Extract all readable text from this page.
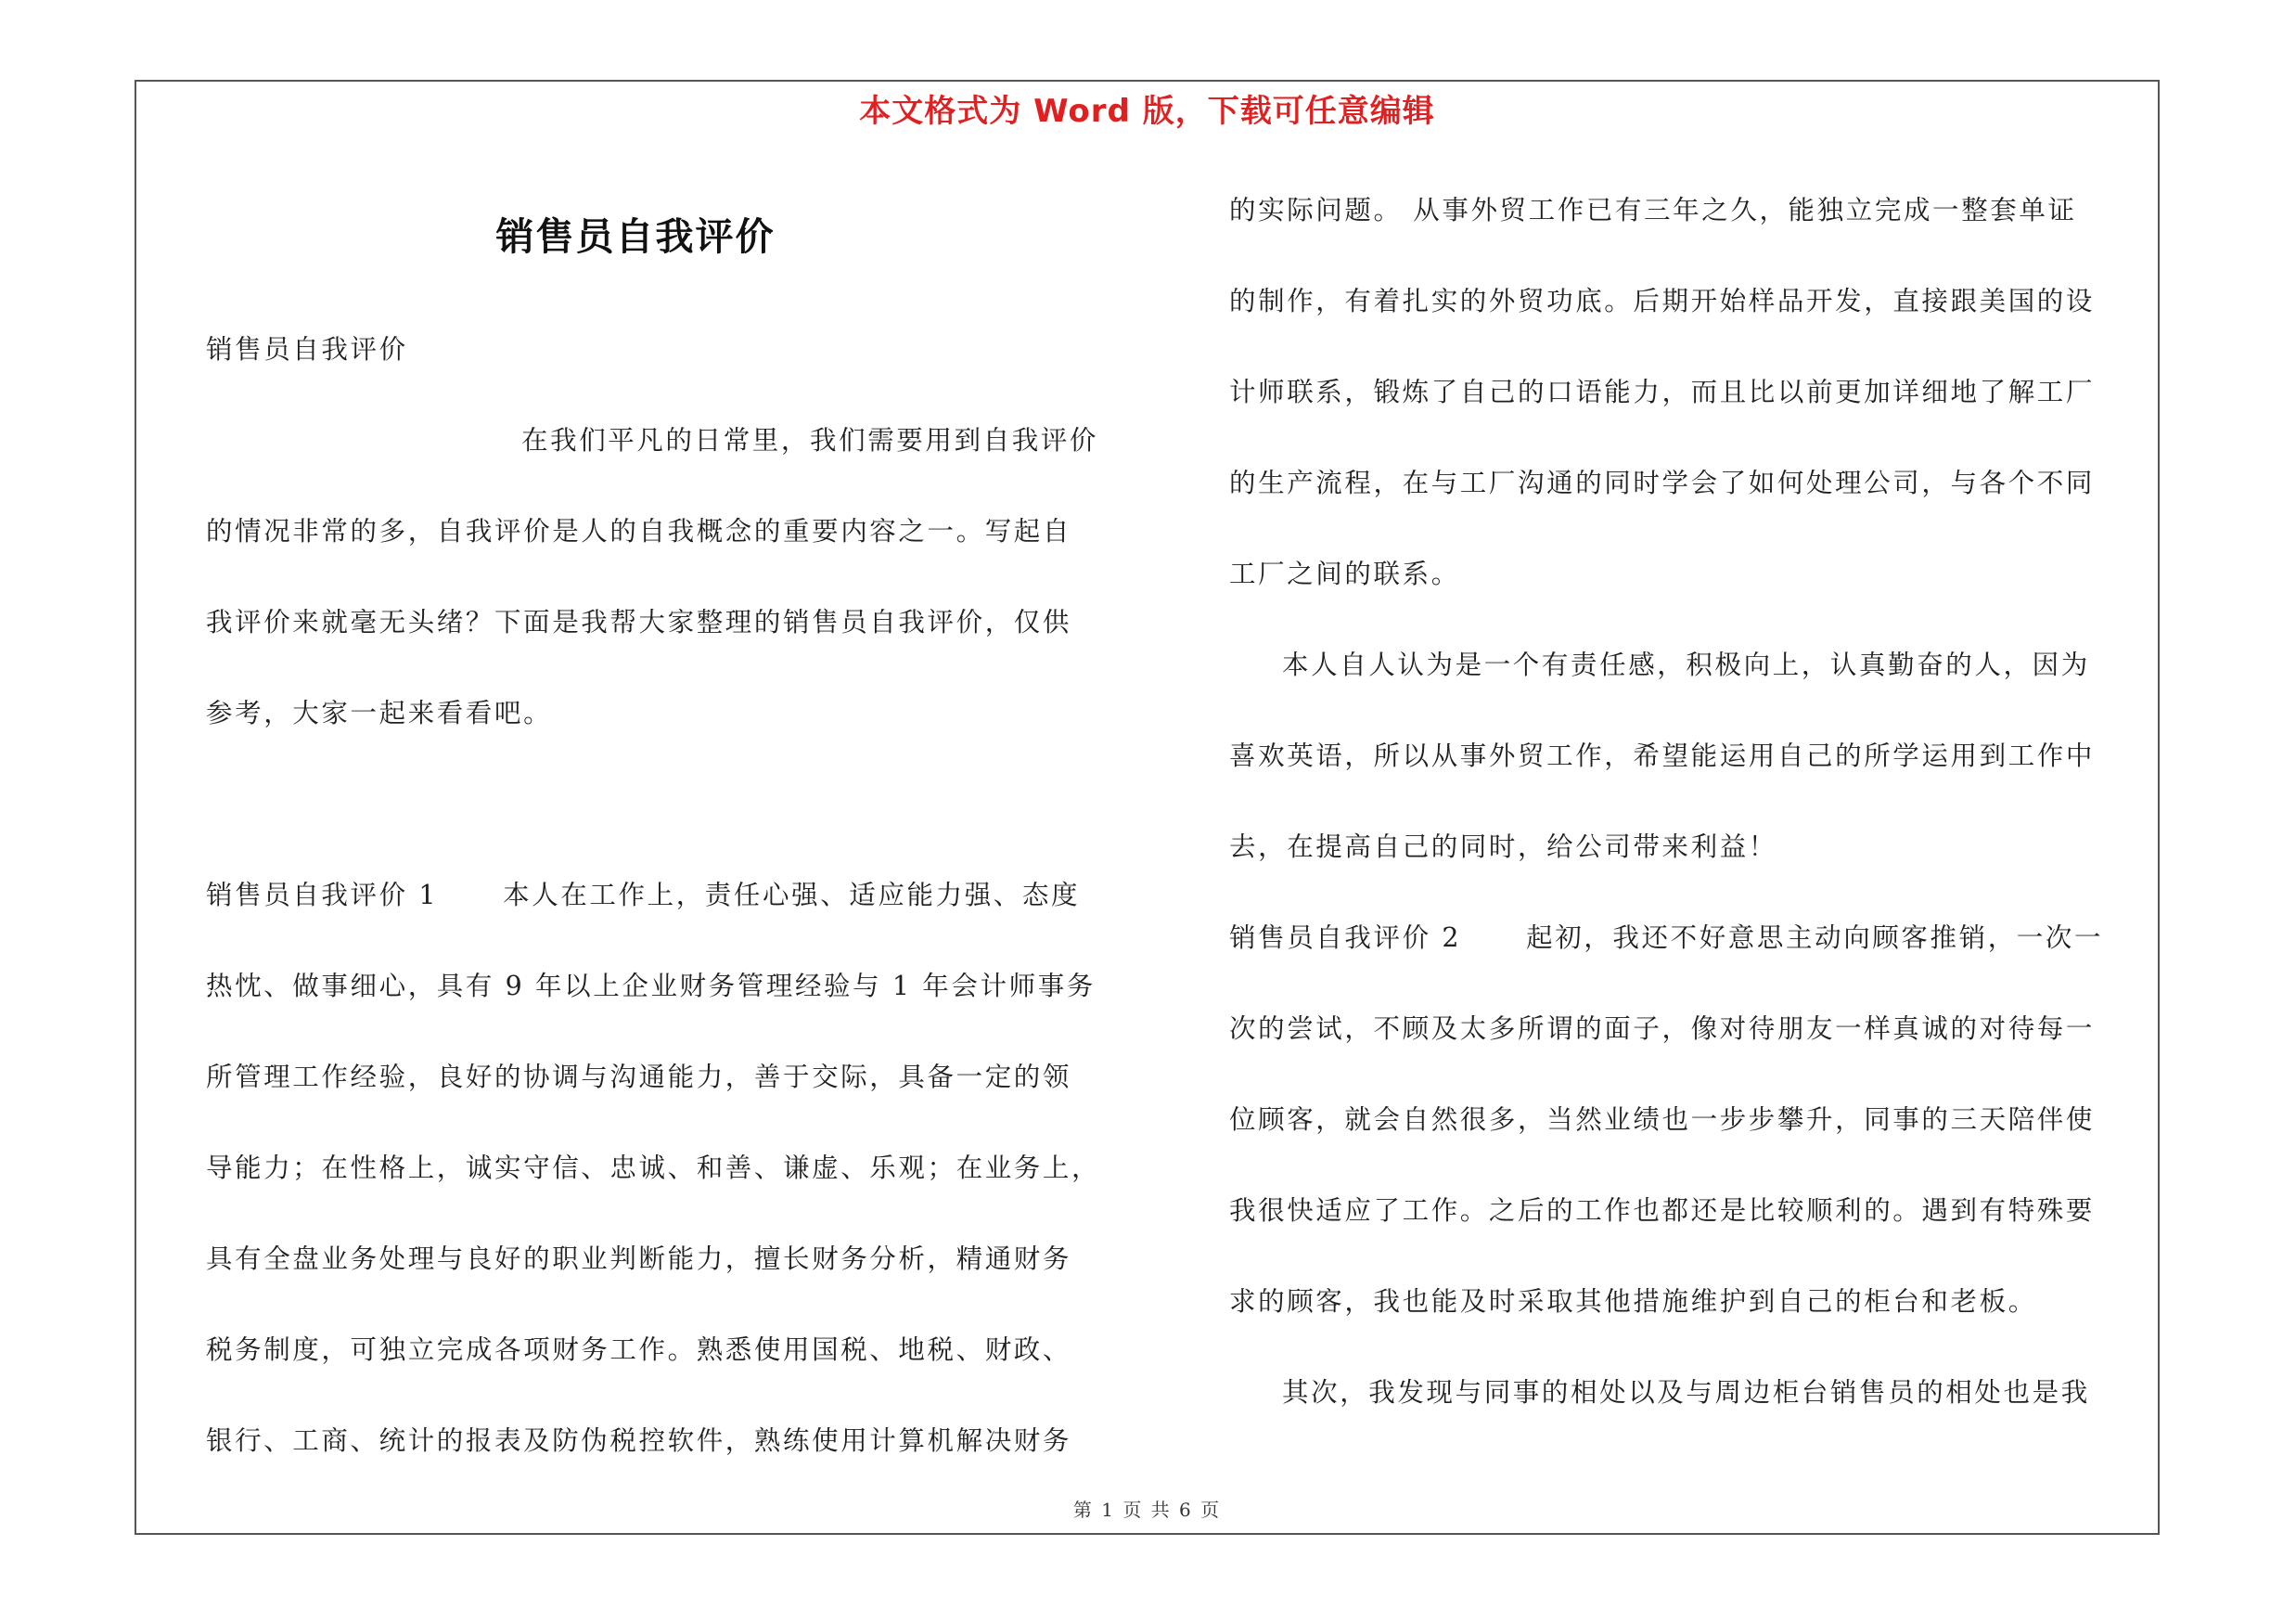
本文格式为 Word 版，下载可任意编辑
销售员自我评价

销售员自我评价

在我们平凡的日常里，我们需要用到自我评价

的情况非常的多，自我评价是人的自我概念的重要内容之一。写起自

我评价来就毫无头绪？下面是我帮大家整理的销售员自我评价，仅供

参考，大家一起来看看吧。

销售员自我评价 1 本人在工作上，责任心强、适应能力强、态度

热忱、做事细心，具有 9 年以上企业财务管理经验与 1 年会计师事务

所管理工作经验，良好的协调与沟通能力，善于交际，具备一定的领

导能力；在性格上，诚实守信、忠诚、和善、谦虚、乐观；在业务上，

具有全盘业务处理与良好的职业判断能力，擅长财务分析，精通财务

税务制度，可独立完成各项财务工作。熟悉使用国税、地税、财政、

银行、工商、统计的报表及防伪税控软件，熟练使用计算机解决财务

的实际问题。 从事外贸工作已有三年之久，能独立完成一整套单证

的制作，有着扎实的外贸功底。后期开始样品开发，直接跟美国的设

计师联系，锻炼了自己的口语能力，而且比以前更加详细地了解工厂

的生产流程，在与工厂沟通的同时学会了如何处理公司，与各个不同

工厂之间的联系。

本人自人认为是一个有责任感，积极向上，认真勤奋的人，因为

喜欢英语，所以从事外贸工作，希望能运用自己的所学运用到工作中

去，在提高自己的同时，给公司带来利益！

销售员自我评价 2 起初，我还不好意思主动向顾客推销，一次一

次的尝试，不顾及太多所谓的面子，像对待朋友一样真诚的对待每一

位顾客，就会自然很多，当然业绩也一步步攀升，同事的三天陪伴使

我很快适应了工作。之后的工作也都还是比较顺利的。遇到有特殊要

求的顾客，我也能及时采取其他措施维护到自己的柜台和老板。

其次，我发现与同事的相处以及与周边柜台销售员的相处也是我

第 1 页 共 6 页
